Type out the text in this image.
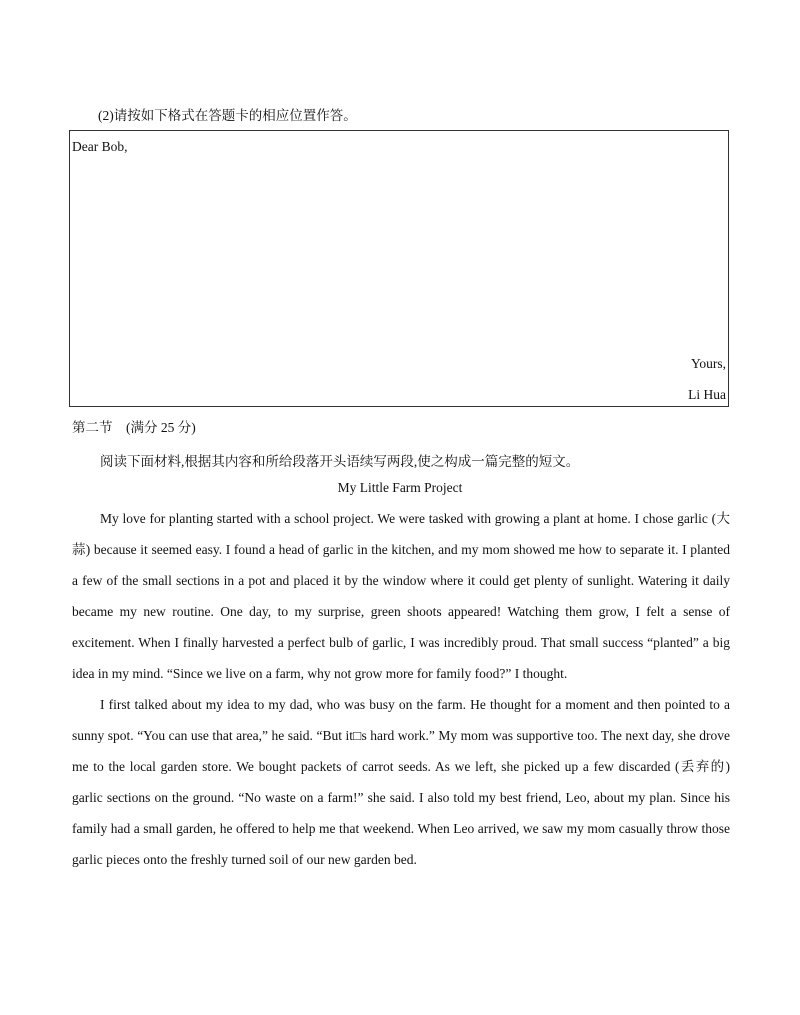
(2)请按如下格式在答题卡的相应位置作答。
Dear Bob,
Yours,
Li Hua
第二节　(满分 25 分)
阅读下面材料,根据其内容和所给段落开头语续写两段,使之构成一篇完整的短文。
My Little Farm Project

My love for planting started with a school project. We were tasked with growing a plant at home. I chose garlic (大蒜) because it seemed easy. I found a head of garlic in the kitchen, and my mom showed me how to separate it. I planted a few of the small sections in a pot and placed it by the window where it could get plenty of sunlight. Watering it daily became my new routine. One day, to my surprise, green shoots appeared! Watching them grow, I felt a sense of excitement. When I finally harvested a perfect bulb of garlic, I was incredibly proud. That small success “planted” a big idea in my mind. “Since we live on a farm, why not grow more for family food?” I thought.

I first talked about my idea to my dad, who was busy on the farm. He thought for a moment and then pointed to a sunny spot. “You can use that area,” he said. “But it□s hard work.” My mom was supportive too. The next day, she drove me to the local garden store. We bought packets of carrot seeds. As we left, she picked up a few discarded (丢弃的) garlic sections on the ground. “No waste on a farm!” she said. I also told my best friend, Leo, about my plan. Since his family had a small garden, he offered to help me that weekend. When Leo arrived, we saw my mom casually throw those garlic pieces onto the freshly turned soil of our new garden bed.
